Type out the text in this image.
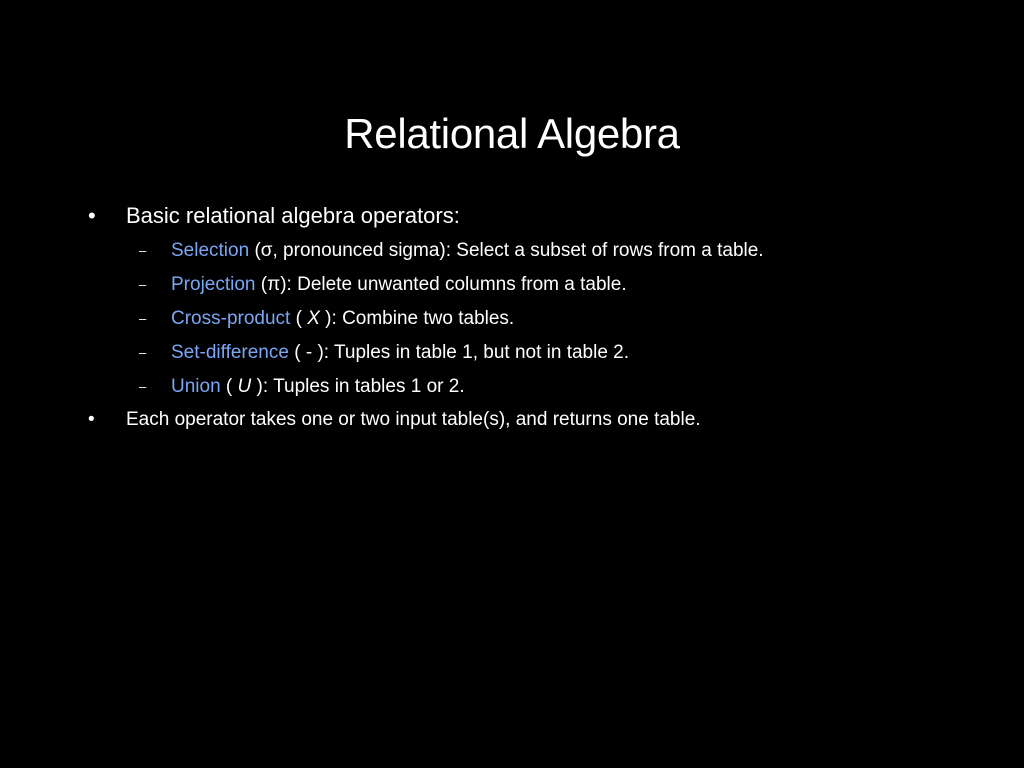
Relational Algebra
• Basic relational algebra operators:
– Selection (σ, pronounced sigma): Select a subset of rows from a table.
– Projection (π): Delete unwanted columns from a table.
– Cross-product ( X ): Combine two tables.
– Set-difference ( - ): Tuples in table 1, but not in table 2.
– Union ( U ): Tuples in tables 1 or 2.
• Each operator takes one or two input table(s), and returns one table.
